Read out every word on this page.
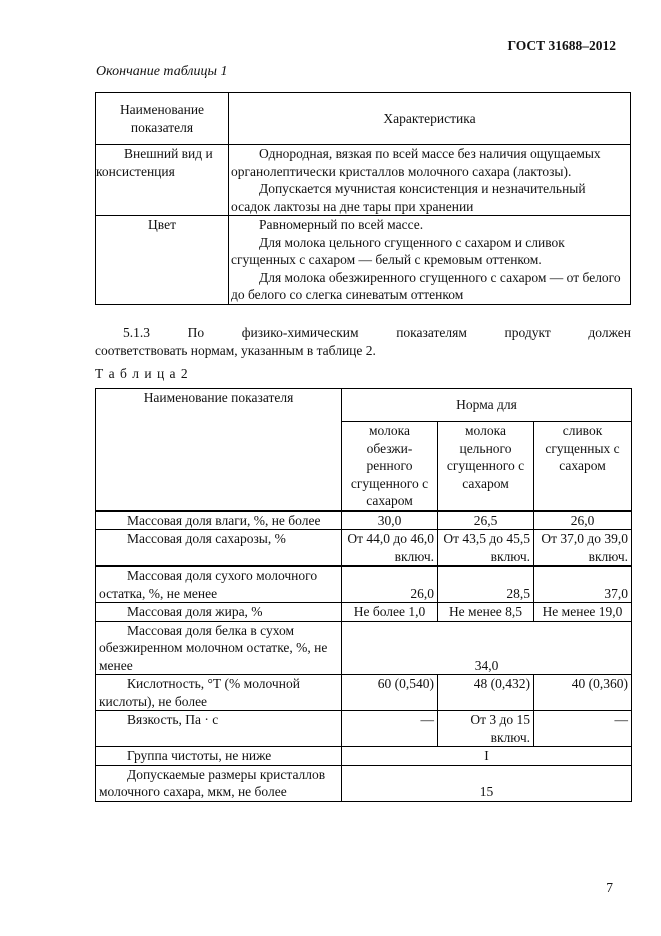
ГОСТ 31688–2012
Окончание таблицы 1
Наименование показателя	Характеристика

Внешний вид и консистенция	Однородная, вязкая по всей массе без наличия ощущаемых органолептически кристаллов молочного сахара (лактозы).

Допускается мучнистая консистенция и незначительный осадок лактозы на дне тары при хранении

Цвет	Равномерный по всей массе.

Для молока цельного сгущенного с сахаром и сливок сгущенных с сахаром — белый с кремовым оттенком.

Для молока обезжиренного сгущенного с сахаром — от белого до белого со слегка синеватым оттенком

5.1.3	По	физико-химическим	показателям	продукт	должен
соответствовать нормам, указанным в таблице 2.
Т а б л и ц а 2
Наименование показателя	Норма для		
	молока обезжи-ренного сгущенного с сахаром	молока цельного сгущенного с сахаром	сливок сгущенных с сахаром
Массовая доля влаги, %, не более	30,0	26,5	26,0
Массовая доля сахарозы, %	От 44,0 до 46,0 включ.	От 43,5 до 45,5 включ.	От 37,0 до 39,0 включ.
Массовая доля сухого молочного остатка, %, не менее	26,0	28,5	37,0
Массовая доля жира, %	Не более 1,0	Не менее 8,5	Не менее 19,0
Массовая доля белка в сухом обезжиренном молочном остатке, %, не менее	34,0		
Кислотность, °Т (% молочной кислоты), не более	60 (0,540)	48 (0,432)	40 (0,360)
Вязкость, Па · с	—	От 3 до 15 включ.	—
Группа чистоты, не ниже	I		
Допускаемые размеры кристаллов молочного сахара, мкм, не более	15		
7
